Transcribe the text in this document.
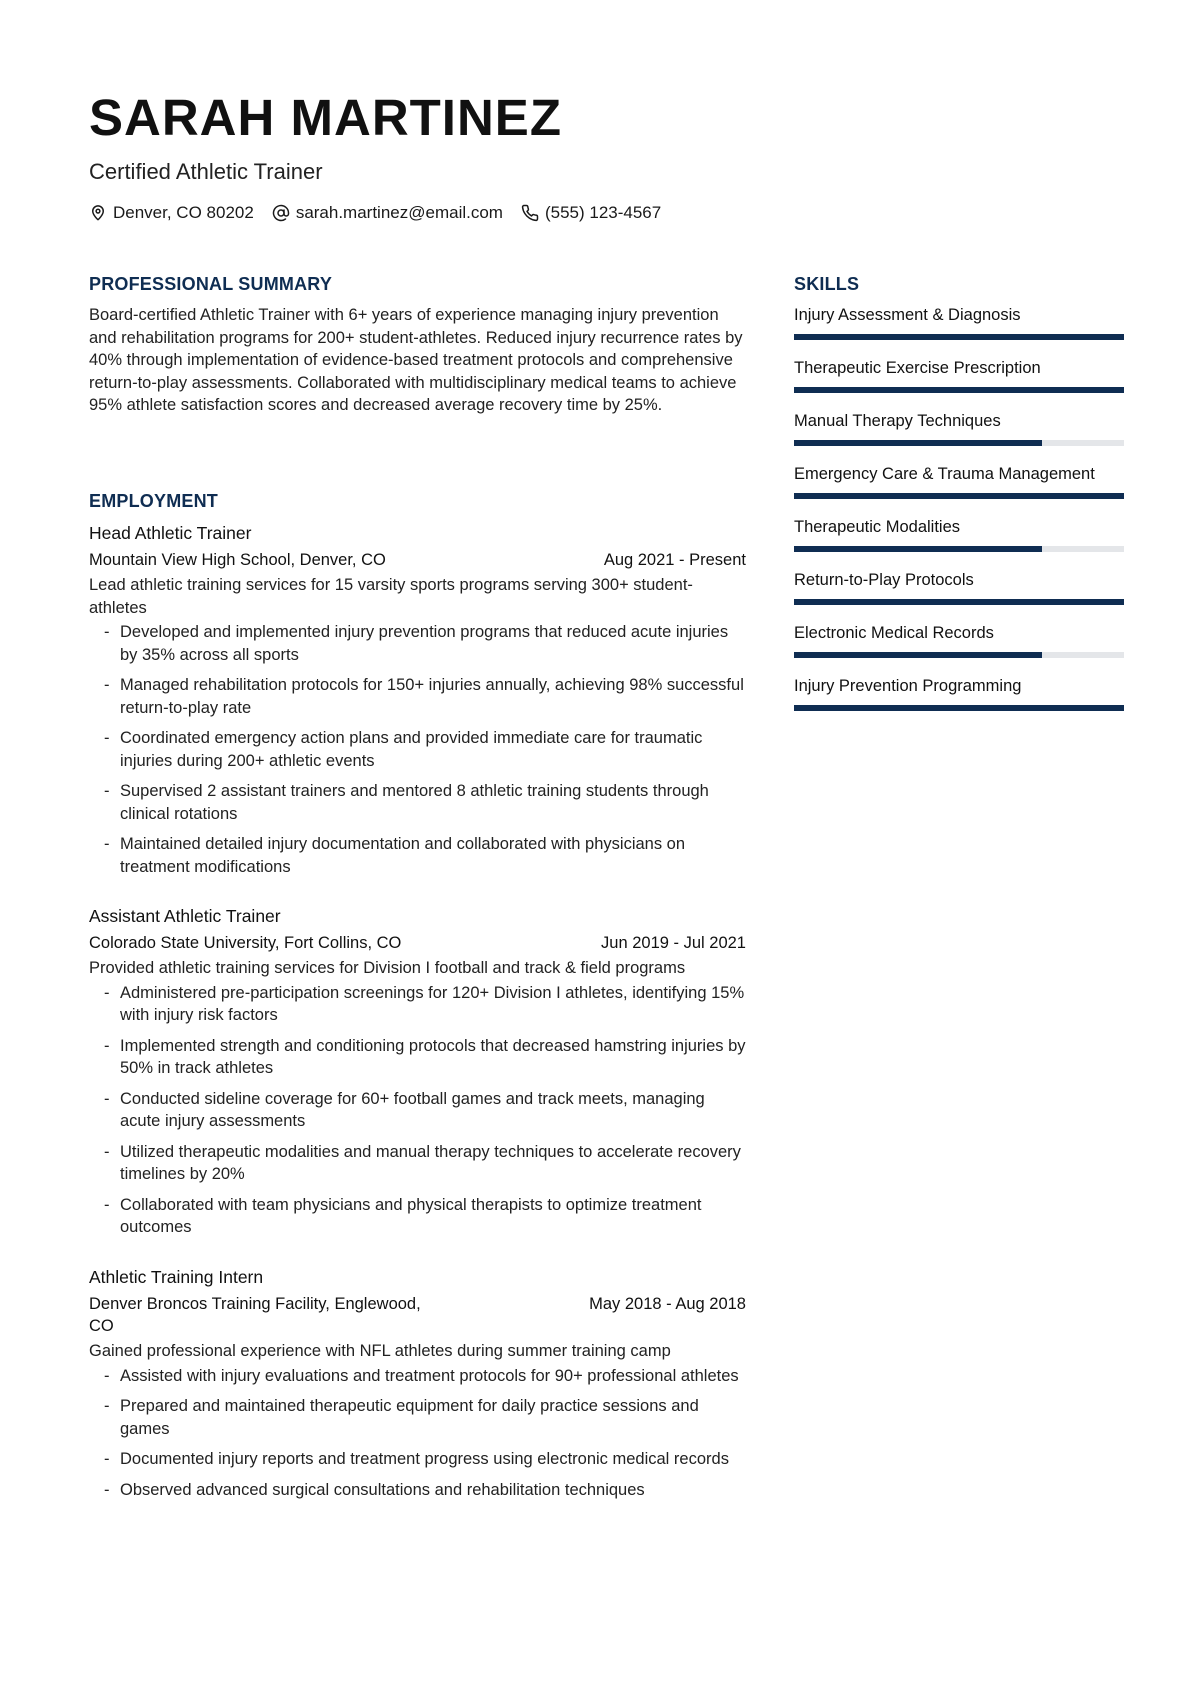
SARAH MARTINEZ
Certified Athletic Trainer
Denver, CO 80202 sarah.martinez@email.com (555) 123-4567
PROFESSIONAL SUMMARY
Board-certified Athletic Trainer with 6+ years of experience managing injury prevention and rehabilitation programs for 200+ student-athletes. Reduced injury recurrence rates by 40% through implementation of evidence-based treatment protocols and comprehensive return-to-play assessments. Collaborated with multidisciplinary medical teams to achieve 95% athlete satisfaction scores and decreased average recovery time by 25%.
EMPLOYMENT
Head Athletic Trainer
Mountain View High School, Denver, CO	Aug 2021 - Present
Lead athletic training services for 15 varsity sports programs serving 300+ student-athletes
- Developed and implemented injury prevention programs that reduced acute injuries by 35% across all sports
- Managed rehabilitation protocols for 150+ injuries annually, achieving 98% successful return-to-play rate
- Coordinated emergency action plans and provided immediate care for traumatic injuries during 200+ athletic events
- Supervised 2 assistant trainers and mentored 8 athletic training students through clinical rotations
- Maintained detailed injury documentation and collaborated with physicians on treatment modifications
Assistant Athletic Trainer
Colorado State University, Fort Collins, CO	Jun 2019 - Jul 2021
Provided athletic training services for Division I football and track & field programs
- Administered pre-participation screenings for 120+ Division I athletes, identifying 15% with injury risk factors
- Implemented strength and conditioning protocols that decreased hamstring injuries by 50% in track athletes
- Conducted sideline coverage for 60+ football games and track meets, managing acute injury assessments
- Utilized therapeutic modalities and manual therapy techniques to accelerate recovery timelines by 20%
- Collaborated with team physicians and physical therapists to optimize treatment outcomes
Athletic Training Intern
Denver Broncos Training Facility, Englewood, CO
May 2018 - Aug 2018
Gained professional experience with NFL athletes during summer training camp
- Assisted with injury evaluations and treatment protocols for 90+ professional athletes
- Prepared and maintained therapeutic equipment for daily practice sessions and games
- Documented injury reports and treatment progress using electronic medical records
- Observed advanced surgical consultations and rehabilitation techniques
SKILLS
Injury Assessment & Diagnosis
Therapeutic Exercise Prescription
Manual Therapy Techniques
Emergency Care & Trauma Management
Therapeutic Modalities
Return-to-Play Protocols
Electronic Medical Records
Injury Prevention Programming
